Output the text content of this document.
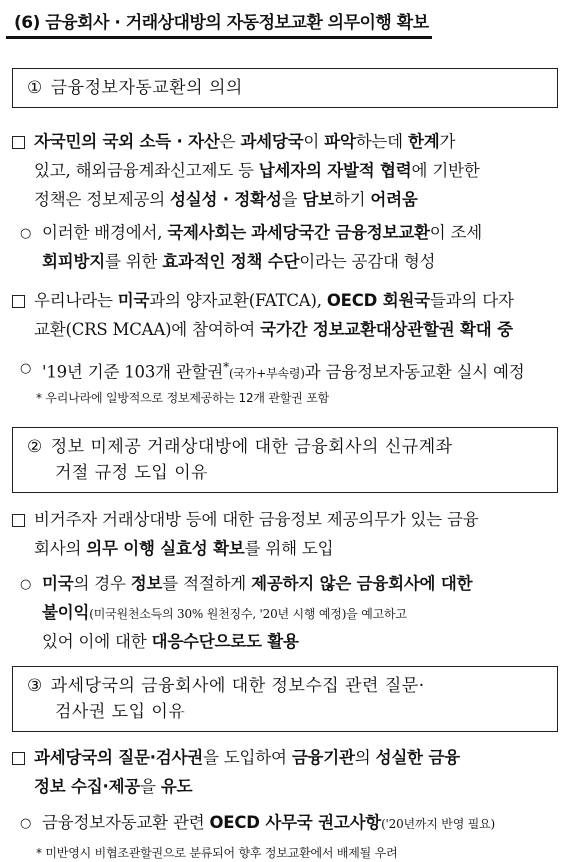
(6) 금융회사 · 거래상대방의 자동정보교환 의무이행 확보
① 금융정보자동교환의 의의
자국민의 국외 소득 · 자산은 과세당국이 파악하는데 한계가
있고, 해외금융계좌신고제도 등 납세자의 자발적 협력에 기반한
정책은 정보제공의 성실성 · 정확성을 담보하기 어려움
○ 이러한 배경에서, 국제사회는 과세당국간 금융정보교환이 조세
회피방지를 위한 효과적인 정책 수단이라는 공감대 형성
우리나라는 미국과의 양자교환(FATCA), OECD 회원국들과의 다자
교환(CRS MCAA)에 참여하여 국가간 정보교환대상관할권 확대 중
○ '19년 기준 103개 관할권*(국가+부속령)과 금융정보자동교환 실시 예정
* 우리나라에 일방적으로 정보제공하는 12개 관할권 포함
② 정보 미제공 거래상대방에 대한 금융회사의 신규계좌
거절 규정 도입 이유
비거주자 거래상대방 등에 대한 금융정보 제공의무가 있는 금융
회사의 의무 이행 실효성 확보를 위해 도입
○ 미국의 경우 정보를 적절하게 제공하지 않은 금융회사에 대한
불이익(미국원천소득의 30% 원천징수, '20년 시행 예정)을 예고하고
있어 이에 대한 대응수단으로도 활용
③ 과세당국의 금융회사에 대한 정보수집 관련 질문·
검사권 도입 이유
과세당국의 질문·검사권을 도입하여 금융기관의 성실한 금융
정보 수집·제공을 유도
○ 금융정보자동교환 관련 OECD 사무국 권고사항('20년까지 반영 필요)
* 미반영시 비협조관할권으로 분류되어 향후 정보교환에서 배제될 우려
